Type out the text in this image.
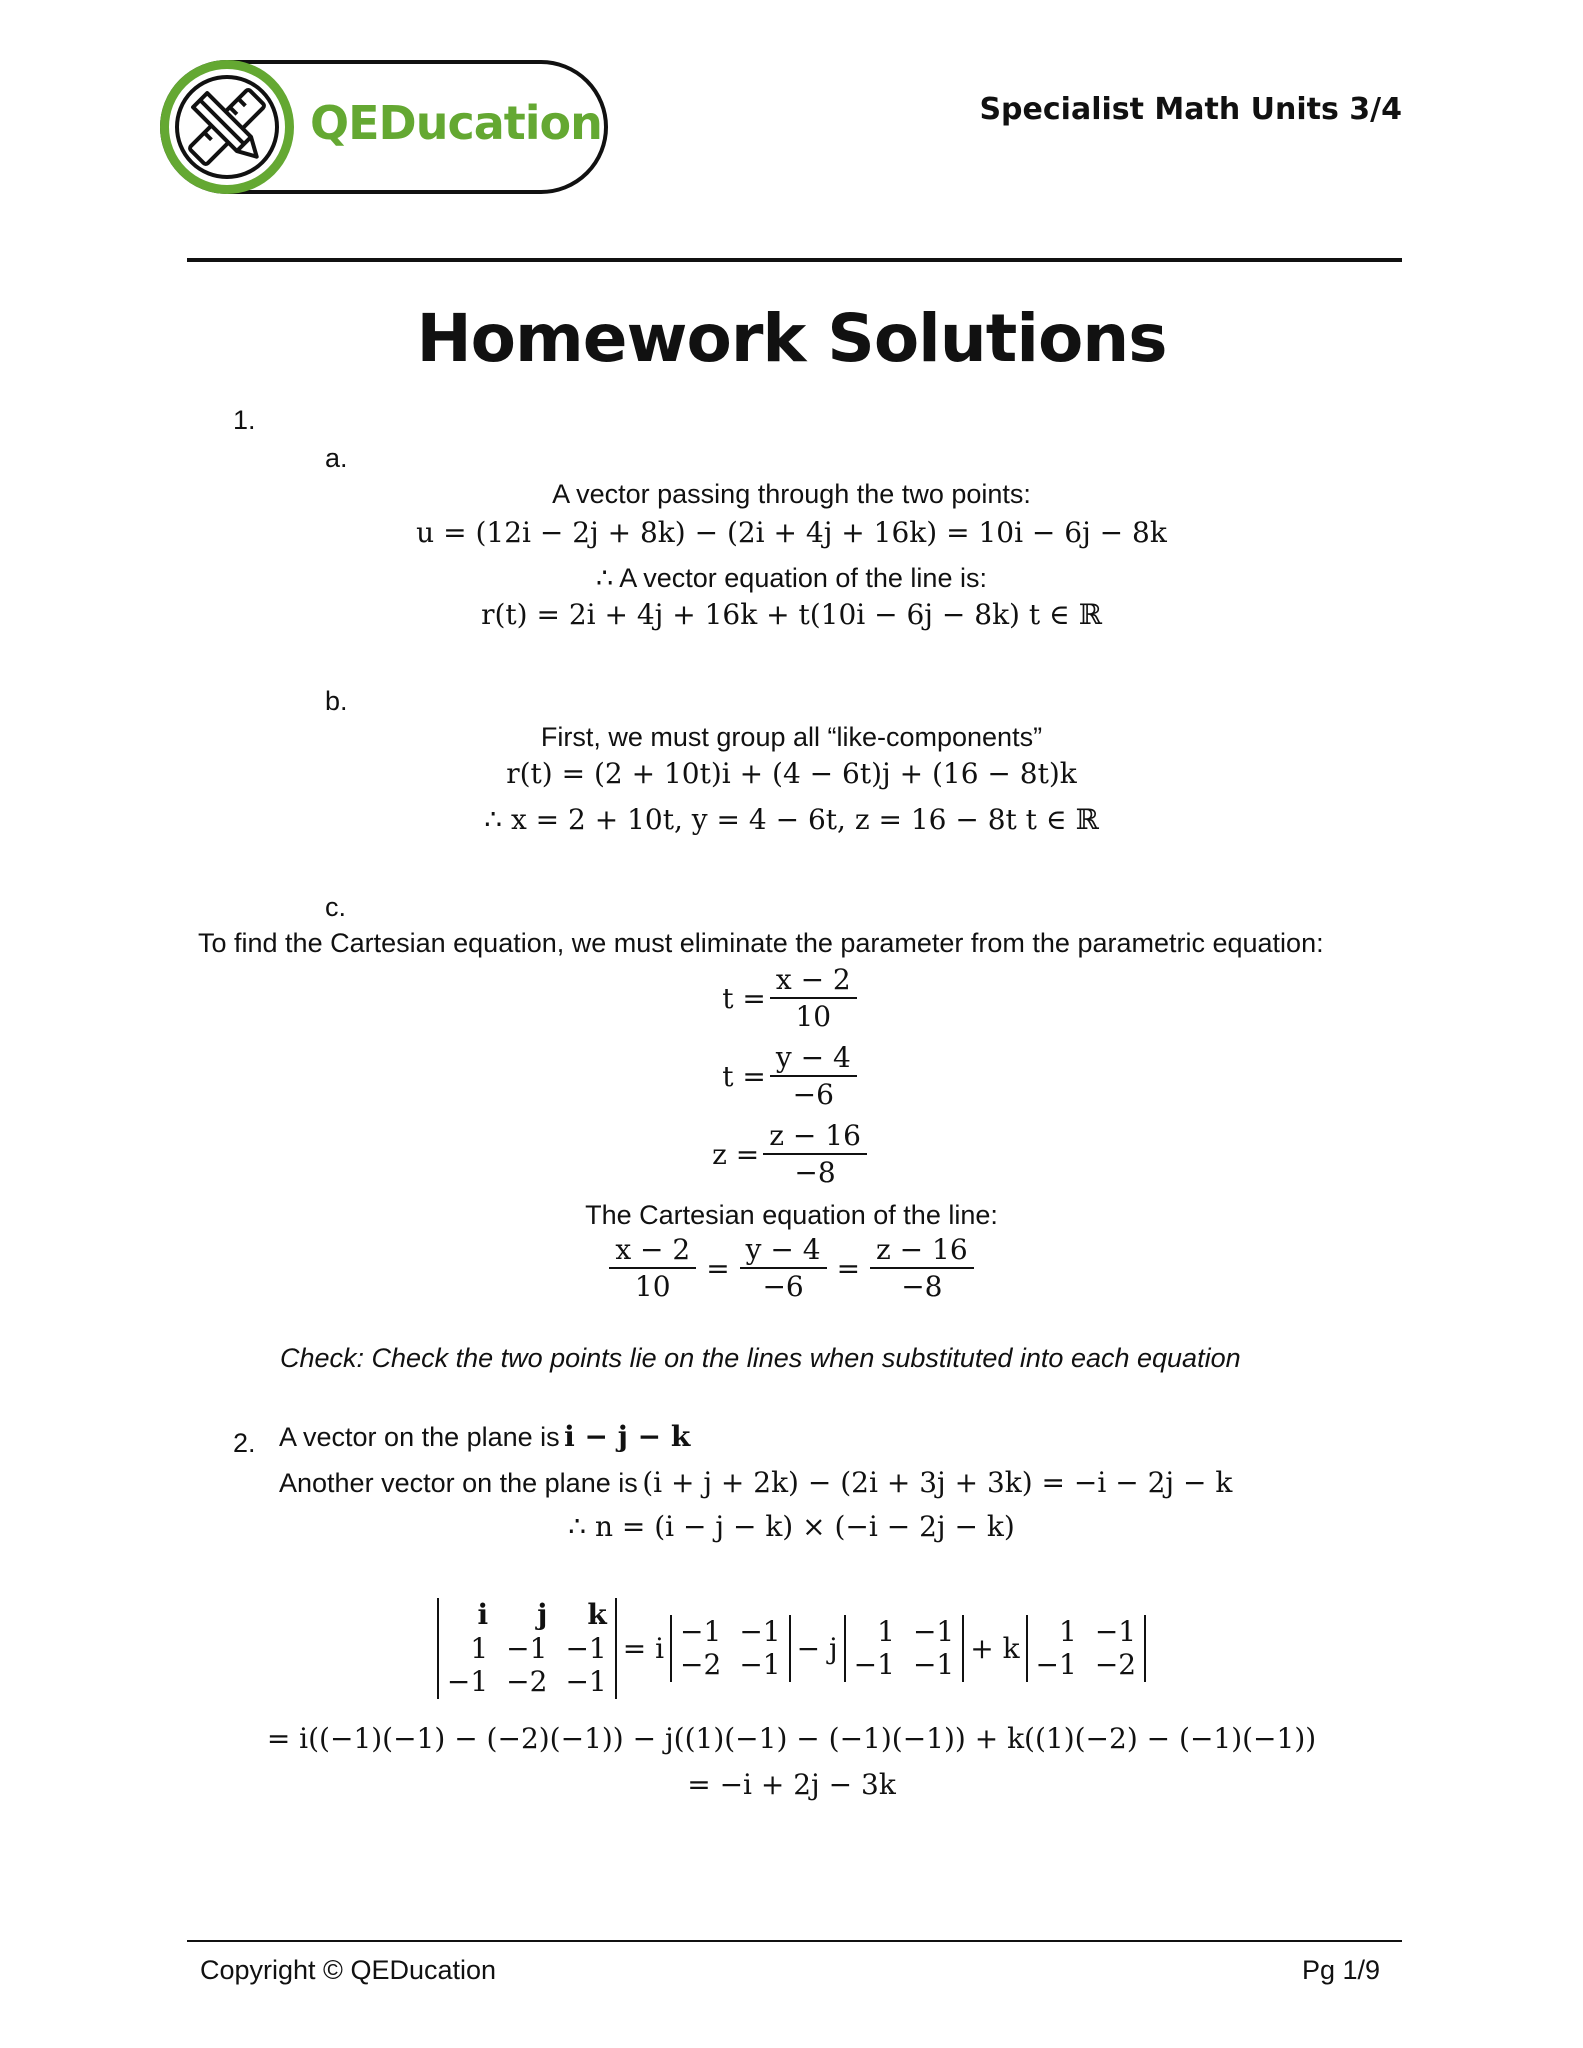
QEDucation	Specialist Math Units 3/4
Homework Solutions
1.
a.
A vector passing through the two points:
u = (12i − 2j + 8k) − (2i + 4j + 16k) = 10i − 6j − 8k
∴ A vector equation of the line is:
r(t) = 2i + 4j + 16k + t(10i − 6j − 8k) t ∈ ℝ
b.
First, we must group all “like-components”
r(t) = (2 + 10t)i + (4 − 6t)j + (16 − 8t)k
∴ x = 2 + 10t, y = 4 − 6t, z = 16 − 8t t ∈ ℝ
c.
To find the Cartesian equation, we must eliminate the parameter from the parametric equation:
$t = \frac{x - 2}{10}$
$t = \frac{y - 4}{-6}$
$z = \frac{z - 16}{-8}$
The Cartesian equation of the line:
$\frac{x - 2}{10} = \frac{y - 4}{-6} = \frac{z - 16}{-8}$
Check: Check the two points lie on the lines when substituted into each equation
2. A vector on the plane is i − j − k
Another vector on the plane is (i + j + 2k) − (2i + 3j + 3k) = −i − 2j − k
∴ n = (i − j − k) × (−i − 2j − k)
i	j	k
1 −1 −1
−1 −2 −1
= i
−1 −1
−2 −1 − j
1 −1
−1 −1 + k
1 −1
−1 −2
= i((−1)(−1) − (−2)(−1)) − j((1)(−1) − (−1)(−1)) + k((1)(−2) − (−1)(−1))
= −i + 2j − 3k
Copyright © QEDucation	Pg 1/9
